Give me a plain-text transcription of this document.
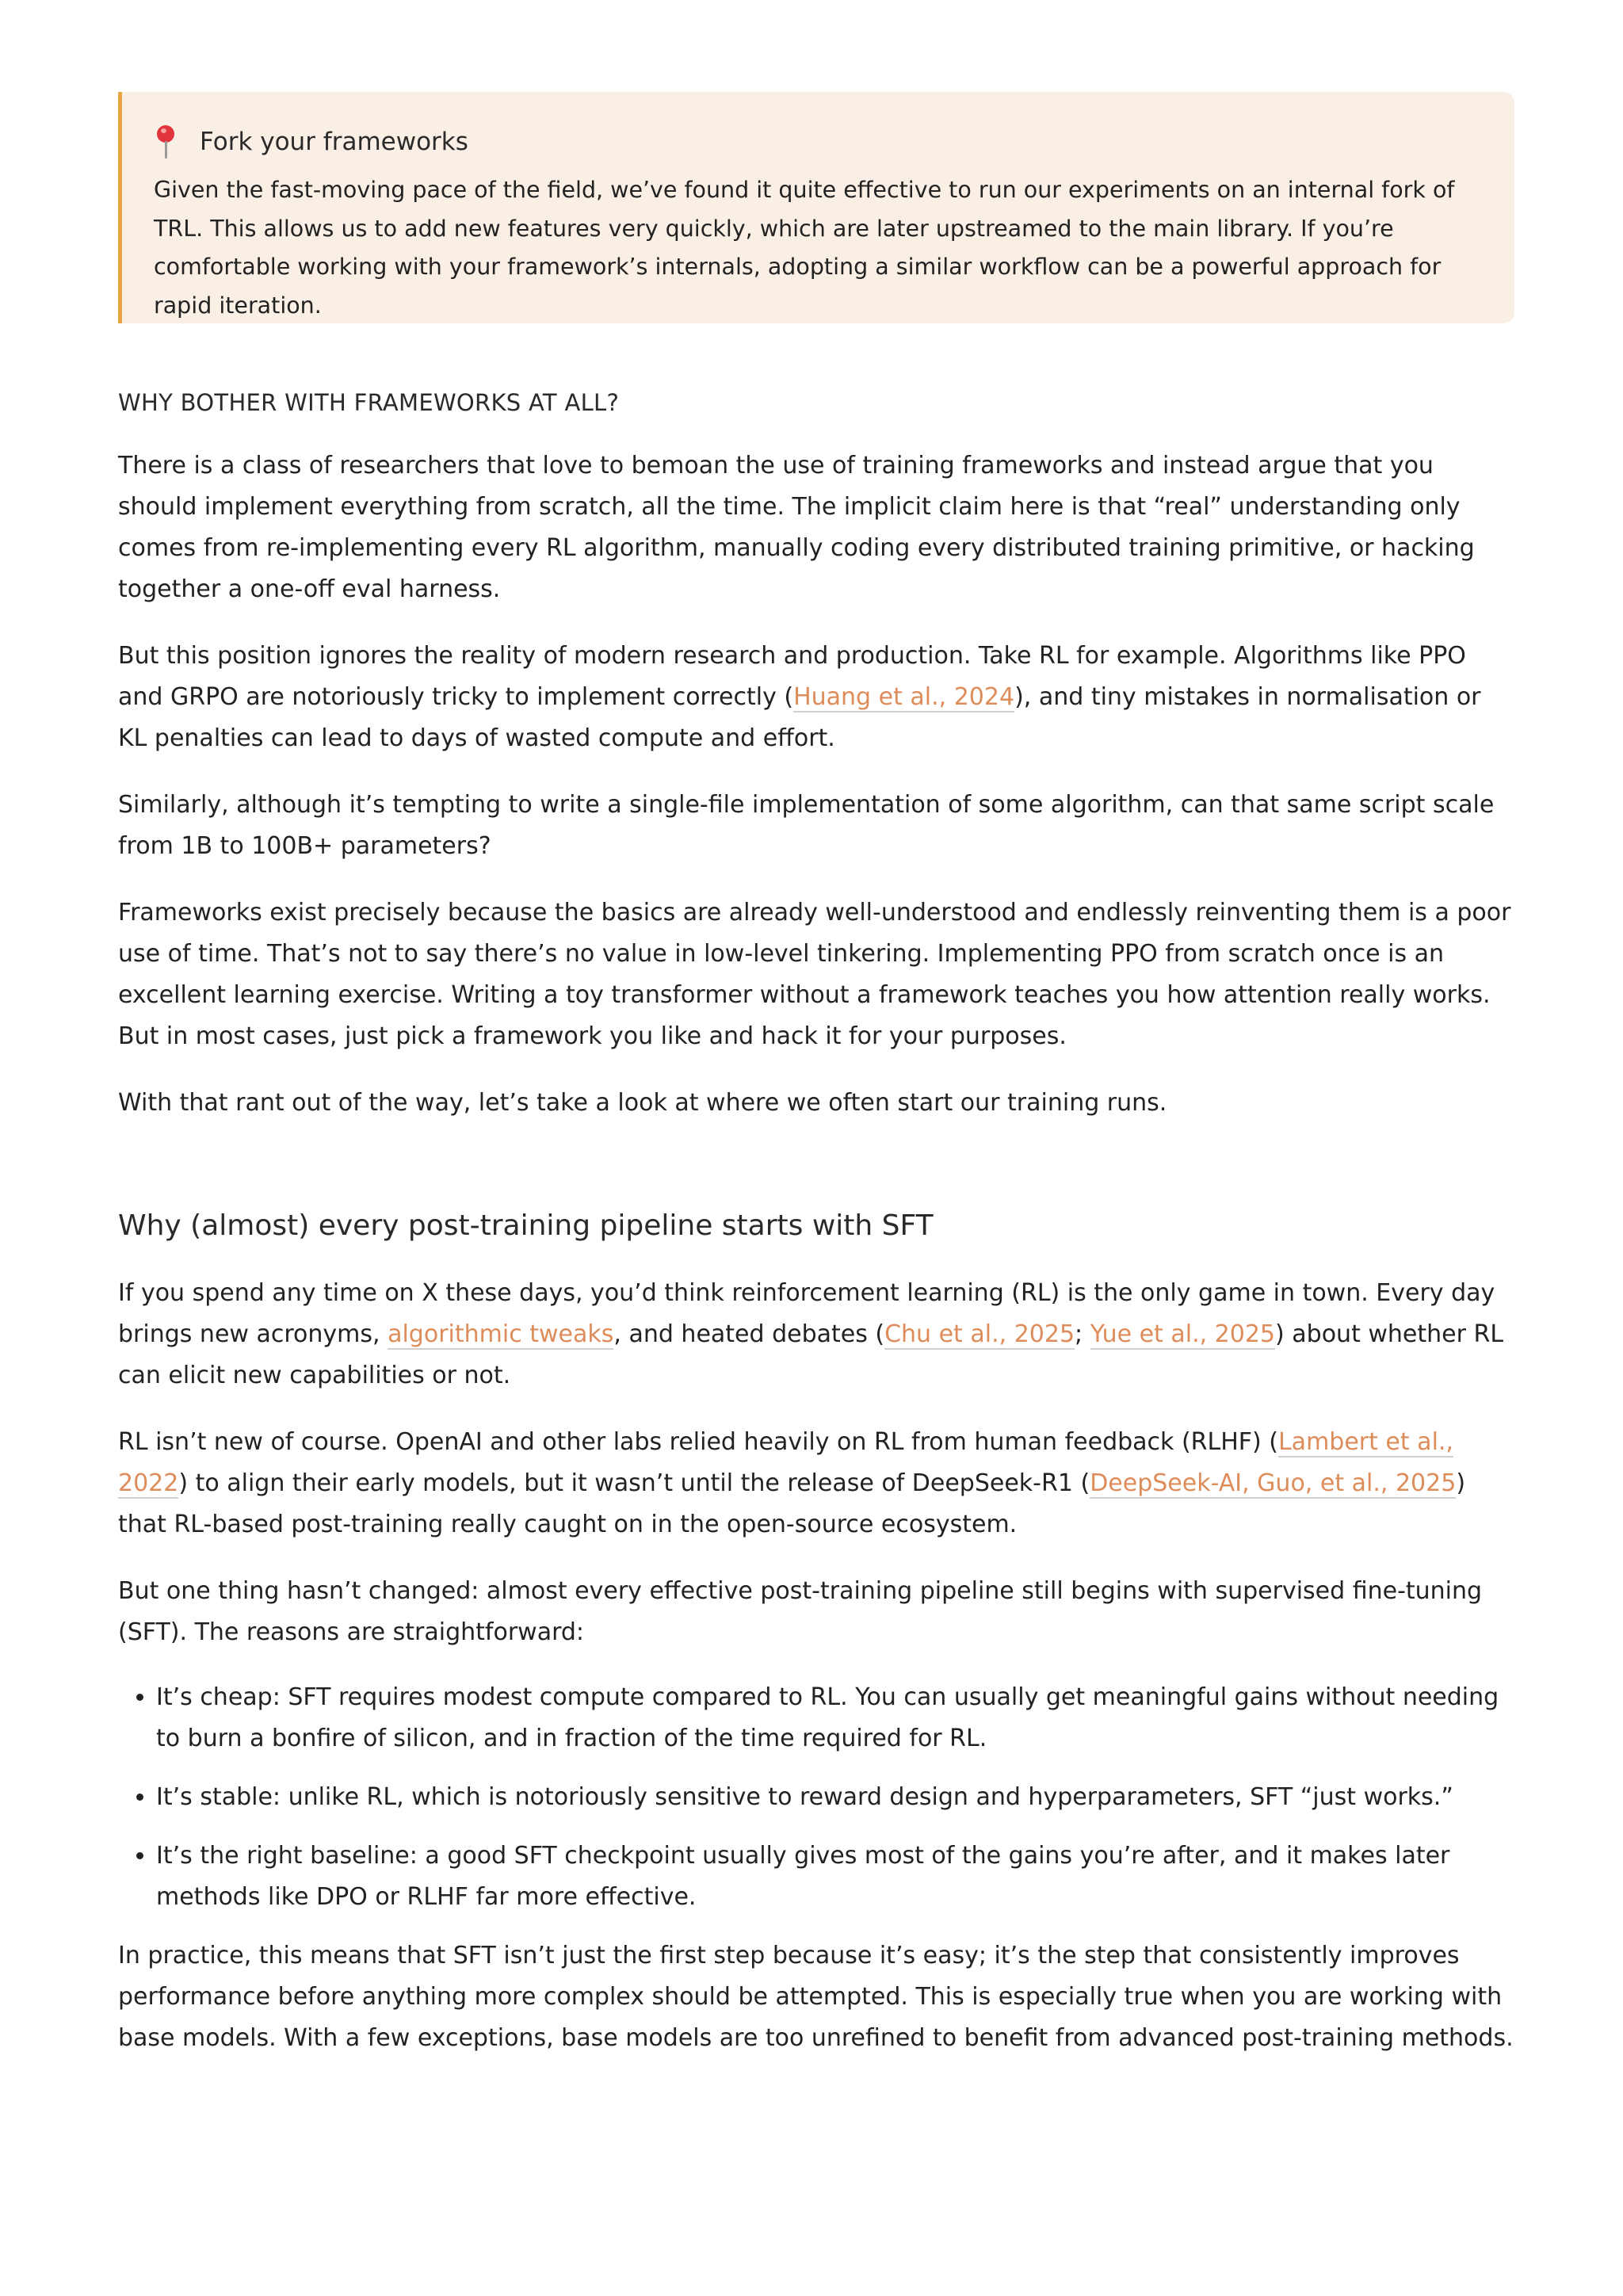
Fork your frameworks
Given the fast-moving pace of the field, we’ve found it quite effective to run our experiments on an internal fork of TRL. This allows us to add new features very quickly, which are later upstreamed to the main library. If you’re comfortable working with your framework’s internals, adopting a similar workflow can be a powerful approach for rapid iteration.
WHY BOTHER WITH FRAMEWORKS AT ALL?

There is a class of researchers that love to bemoan the use of training frameworks and instead argue that you should implement everything from scratch, all the time. The implicit claim here is that “real” understanding only comes from re-implementing every RL algorithm, manually coding every distributed training primitive, or hacking together a one-off eval harness.

But this position ignores the reality of modern research and production. Take RL for example. Algorithms like PPO and GRPO are notoriously tricky to implement correctly (Huang et al., 2024), and tiny mistakes in normalisation or KL penalties can lead to days of wasted compute and effort.

Similarly, although it’s tempting to write a single-file implementation of some algorithm, can that same script scale from 1B to 100B+ parameters?

Frameworks exist precisely because the basics are already well-understood and endlessly reinventing them is a poor use of time. That’s not to say there’s no value in low-level tinkering. Implementing PPO from scratch once is an excellent learning exercise. Writing a toy transformer without a framework teaches you how attention really works. But in most cases, just pick a framework you like and hack it for your purposes.

With that rant out of the way, let’s take a look at where we often start our training runs.

Why (almost) every post-training pipeline starts with SFT

If you spend any time on X these days, you’d think reinforcement learning (RL) is the only game in town. Every day brings new acronyms, algorithmic tweaks, and heated debates (Chu et al., 2025; Yue et al., 2025) about whether RL can elicit new capabilities or not.

RL isn’t new of course. OpenAI and other labs relied heavily on RL from human feedback (RLHF) (Lambert et al., 2022) to align their early models, but it wasn’t until the release of DeepSeek-R1 (DeepSeek-AI, Guo, et al., 2025) that RL-based post-training really caught on in the open-source ecosystem.

But one thing hasn’t changed: almost every effective post-training pipeline still begins with supervised fine-tuning (SFT). The reasons are straightforward:

• It’s cheap: SFT requires modest compute compared to RL. You can usually get meaningful gains without needing to burn a bonfire of silicon, and in fraction of the time required for RL.
• It’s stable: unlike RL, which is notoriously sensitive to reward design and hyperparameters, SFT “just works.”
• It’s the right baseline: a good SFT checkpoint usually gives most of the gains you’re after, and it makes later methods like DPO or RLHF far more effective.

In practice, this means that SFT isn’t just the first step because it’s easy; it’s the step that consistently improves performance before anything more complex should be attempted. This is especially true when you are working with base models. With a few exceptions, base models are too unrefined to benefit from advanced post-training methods.
